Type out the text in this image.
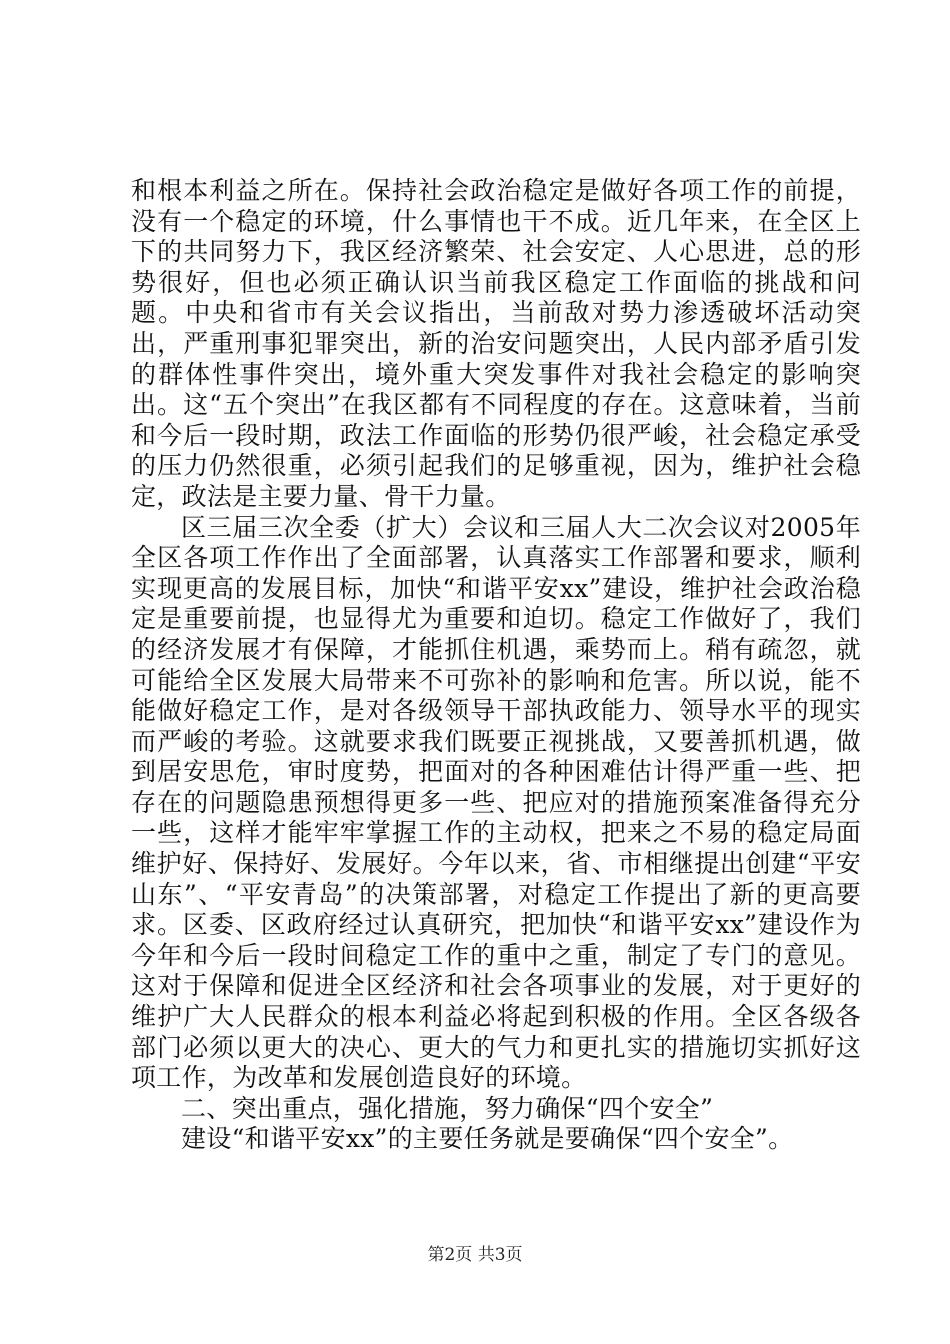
和根本利益之所在。保持社会政治稳定是做好各项工作的前提，没有一个稳定的环境，什么事情也干不成。近几年来，在全区上下的共同努力下，我区经济繁荣、社会安定、人心思进，总的形势很好，但也必须正确认识当前我区稳定工作面临的挑战和问题。中央和省市有关会议指出，当前敌对势力渗透破坏活动突出，严重刑事犯罪突出，新的治安问题突出，人民内部矛盾引发的群体性事件突出，境外重大突发事件对我社会稳定的影响突出。这“五个突出”在我区都有不同程度的存在。这意味着，当前和今后一段时期，政法工作面临的形势仍很严峻，社会稳定承受的压力仍然很重，必须引起我们的足够重视，因为，维护社会稳定，政法是主要力量、骨干力量。

区三届三次全委（扩大）会议和三届人大二次会议对2005年全区各项工作作出了全面部署，认真落实工作部署和要求，顺利实现更高的发展目标，加快“和谐平安xx”建设，维护社会政治稳定是重要前提，也显得尤为重要和迫切。稳定工作做好了，我们的经济发展才有保障，才能抓住机遇，乘势而上。稍有疏忽，就可能给全区发展大局带来不可弥补的影响和危害。所以说，能不能做好稳定工作，是对各级领导干部执政能力、领导水平的现实而严峻的考验。这就要求我们既要正视挑战，又要善抓机遇，做到居安思危，审时度势，把面对的各种困难估计得严重一些、把存在的问题隐患预想得更多一些、把应对的措施预案准备得充分一些，这样才能牢牢掌握工作的主动权，把来之不易的稳定局面维护好、保持好、发展好。今年以来，省、市相继提出创建“平安山东”、“平安青岛”的决策部署，对稳定工作提出了新的更高要求。区委、区政府经过认真研究，把加快“和谐平安xx”建设作为今年和今后一段时间稳定工作的重中之重，制定了专门的意见。这对于保障和促进全区经济和社会各项事业的发展，对于更好的维护广大人民群众的根本利益必将起到积极的作用。全区各级各部门必须以更大的决心、更大的气力和更扎实的措施切实抓好这项工作，为改革和发展创造良好的环境。

二、突出重点，强化措施，努力确保“四个安全”

建设“和谐平安xx”的主要任务就是要确保“四个安全”。

第2页 共3页
